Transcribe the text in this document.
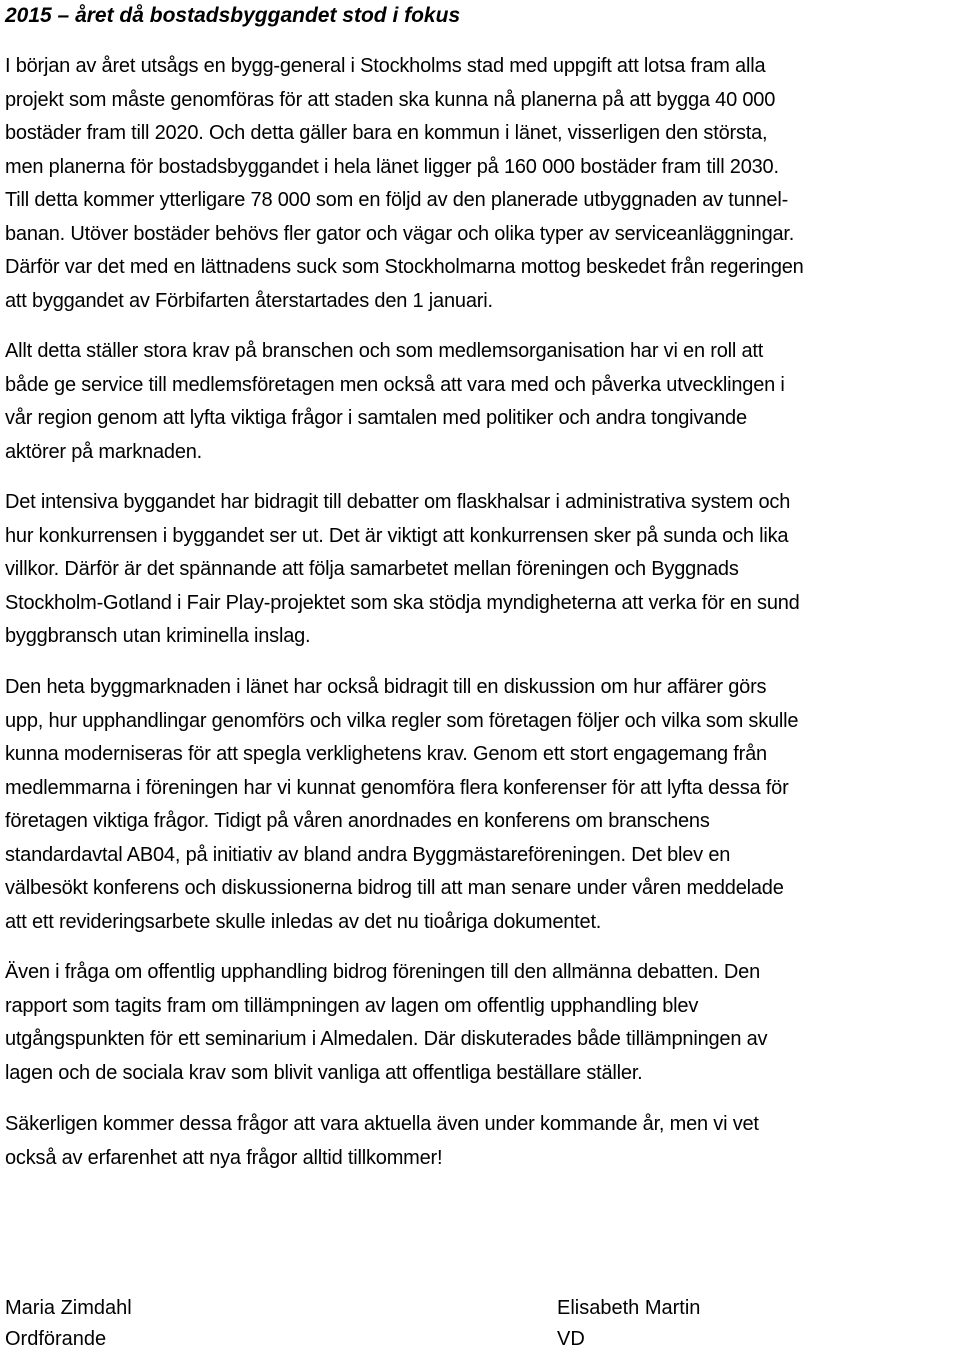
2015 – året då bostadsbyggandet stod i fokus

I början av året utsågs en bygg-general i Stockholms stad med uppgift att lotsa fram alla
projekt som måste genomföras för att staden ska kunna nå planerna på att bygga 40 000
bostäder fram till 2020. Och detta gäller bara en kommun i länet, visserligen den största,
men planerna för bostadsbyggandet i hela länet ligger på 160 000 bostäder fram till 2030.
Till detta kommer ytterligare 78 000 som en följd av den planerade utbyggnaden av tunnel-
banan. Utöver bostäder behövs fler gator och vägar och olika typer av serviceanläggningar.
Därför var det med en lättnadens suck som Stockholmarna mottog beskedet från regeringen
att byggandet av Förbifarten återstartades den 1 januari.

Allt detta ställer stora krav på branschen och som medlemsorganisation har vi en roll att
både ge service till medlemsföretagen men också att vara med och påverka utvecklingen i
vår region genom att lyfta viktiga frågor i samtalen med politiker och andra tongivande
aktörer på marknaden.

Det intensiva byggandet har bidragit till debatter om flaskhalsar i administrativa system och
hur konkurrensen i byggandet ser ut. Det är viktigt att konkurrensen sker på sunda och lika
villkor. Därför är det spännande att följa samarbetet mellan föreningen och Byggnads
Stockholm-Gotland i Fair Play-projektet som ska stödja myndigheterna att verka för en sund
byggbransch utan kriminella inslag.

Den heta byggmarknaden i länet har också bidragit till en diskussion om hur affärer görs
upp, hur upphandlingar genomförs och vilka regler som företagen följer och vilka som skulle
kunna moderniseras för att spegla verklighetens krav. Genom ett stort engagemang från
medlemmarna i föreningen har vi kunnat genomföra flera konferenser för att lyfta dessa för
företagen viktiga frågor. Tidigt på våren anordnades en konferens om branschens
standardavtal AB04, på initiativ av bland andra Byggmästareföreningen. Det blev en
välbesökt konferens och diskussionerna bidrog till att man senare under våren meddelade
att ett revideringsarbete skulle inledas av det nu tioåriga dokumentet.

Även i fråga om offentlig upphandling bidrog föreningen till den allmänna debatten. Den
rapport som tagits fram om tillämpningen av lagen om offentlig upphandling blev
utgångspunkten för ett seminarium i Almedalen. Där diskuterades både tillämpningen av
lagen och de sociala krav som blivit vanliga att offentliga beställare ställer.

Säkerligen kommer dessa frågor att vara aktuella även under kommande år, men vi vet
också av erfarenhet att nya frågor alltid tillkommer!

Maria Zimdahl
Ordförande
Elisabeth Martin
VD
